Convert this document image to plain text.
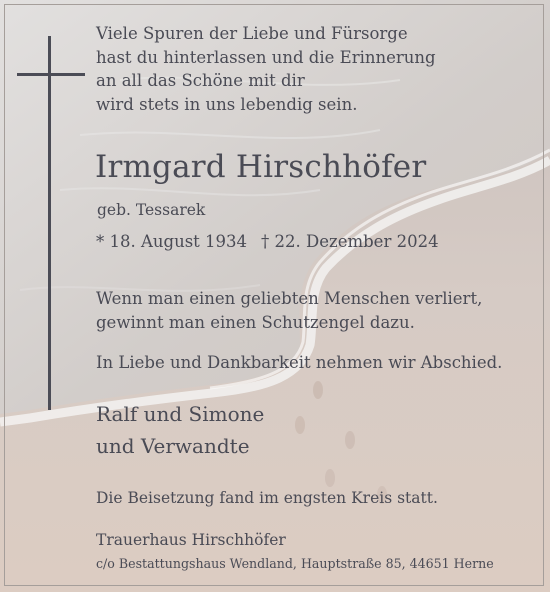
Viele Spuren der Liebe und Fürsorge
hast du hinterlassen und die Erinnerung
an all das Schöne mit dir
wird stets in uns lebendig sein.

Irmgard Hirschhöfer

geb. Tessarek

* 18. August 1934 † 22. Dezember 2024

Wenn man einen geliebten Menschen verliert,
gewinnt man einen Schutzengel dazu.

In Liebe und Dankbarkeit nehmen wir Abschied.

Ralf und Simone
und Verwandte

Die Beisetzung fand im engsten Kreis statt.

Trauerhaus Hirschhöfer

c/o Bestattungshaus Wendland, Hauptstraße 85, 44651 Herne
